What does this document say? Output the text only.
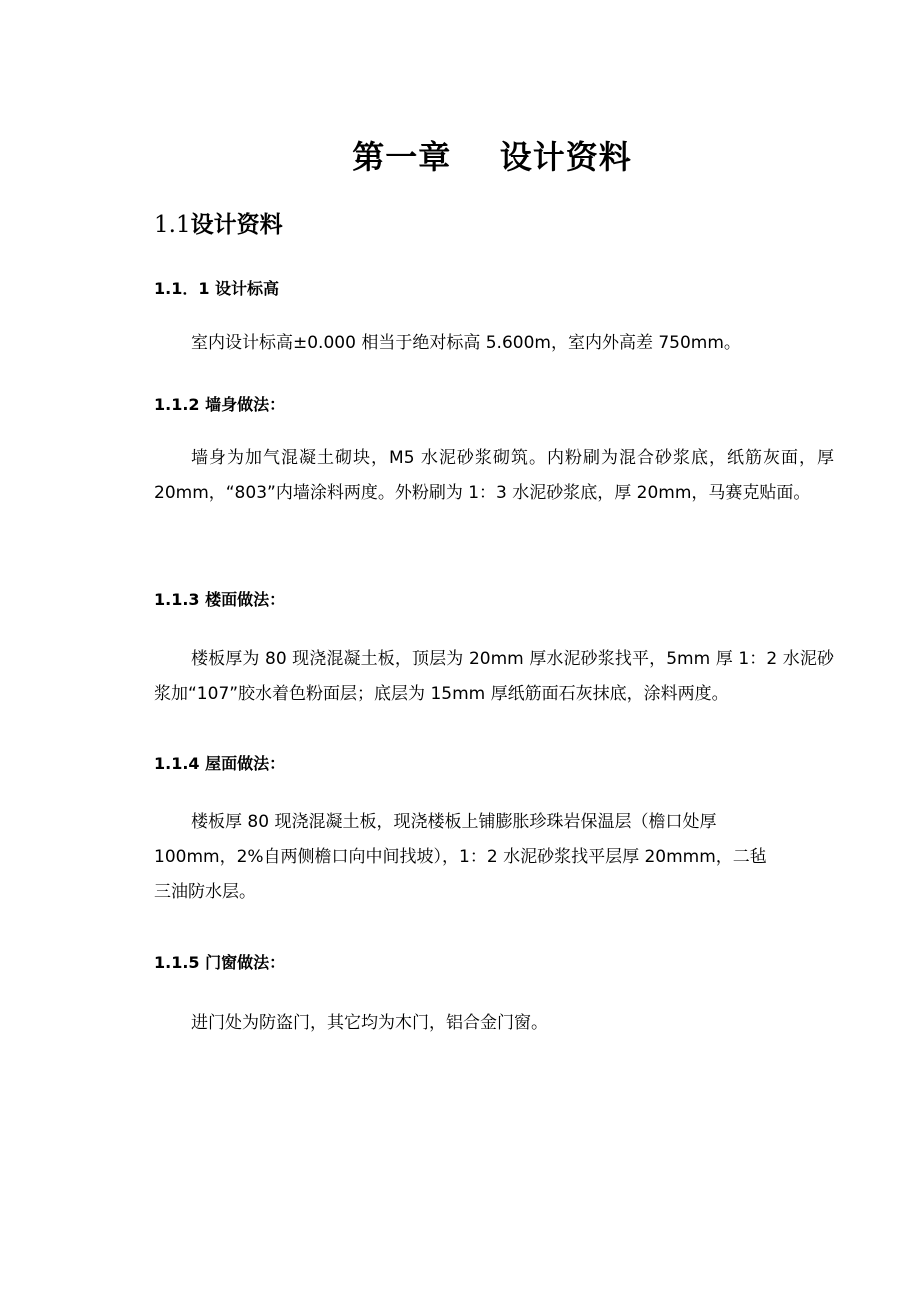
第一章    设计资料
1.1设计资料
1.1．1 设计标高
室内设计标高±0.000 相当于绝对标高 5.600m，室内外高差 750mm。
1.1.2 墙身做法：
墙身为加气混凝土砌块，M5 水泥砂浆砌筑。内粉刷为混合砂浆底，纸筋灰面，厚 20mm，“803”内墙涂料两度。外粉刷为 1：3 水泥砂浆底，厚 20mm，马赛克贴面。
1.1.3 楼面做法：
楼板厚为 80 现浇混凝土板，顶层为 20mm 厚水泥砂浆找平，5mm 厚 1：2 水泥砂浆加“107”胶水着色粉面层；底层为 15mm 厚纸筋面石灰抹底，涂料两度。
1.1.4 屋面做法：
楼板厚 80 现浇混凝土板，现浇楼板上铺膨胀珍珠岩保温层（檐口处厚
100mm，2%自两侧檐口向中间找坡），1：2 水泥砂浆找平层厚 20mmm，二毡
三油防水层。
1.1.5 门窗做法：
进门处为防盗门，其它均为木门，铝合金门窗。
